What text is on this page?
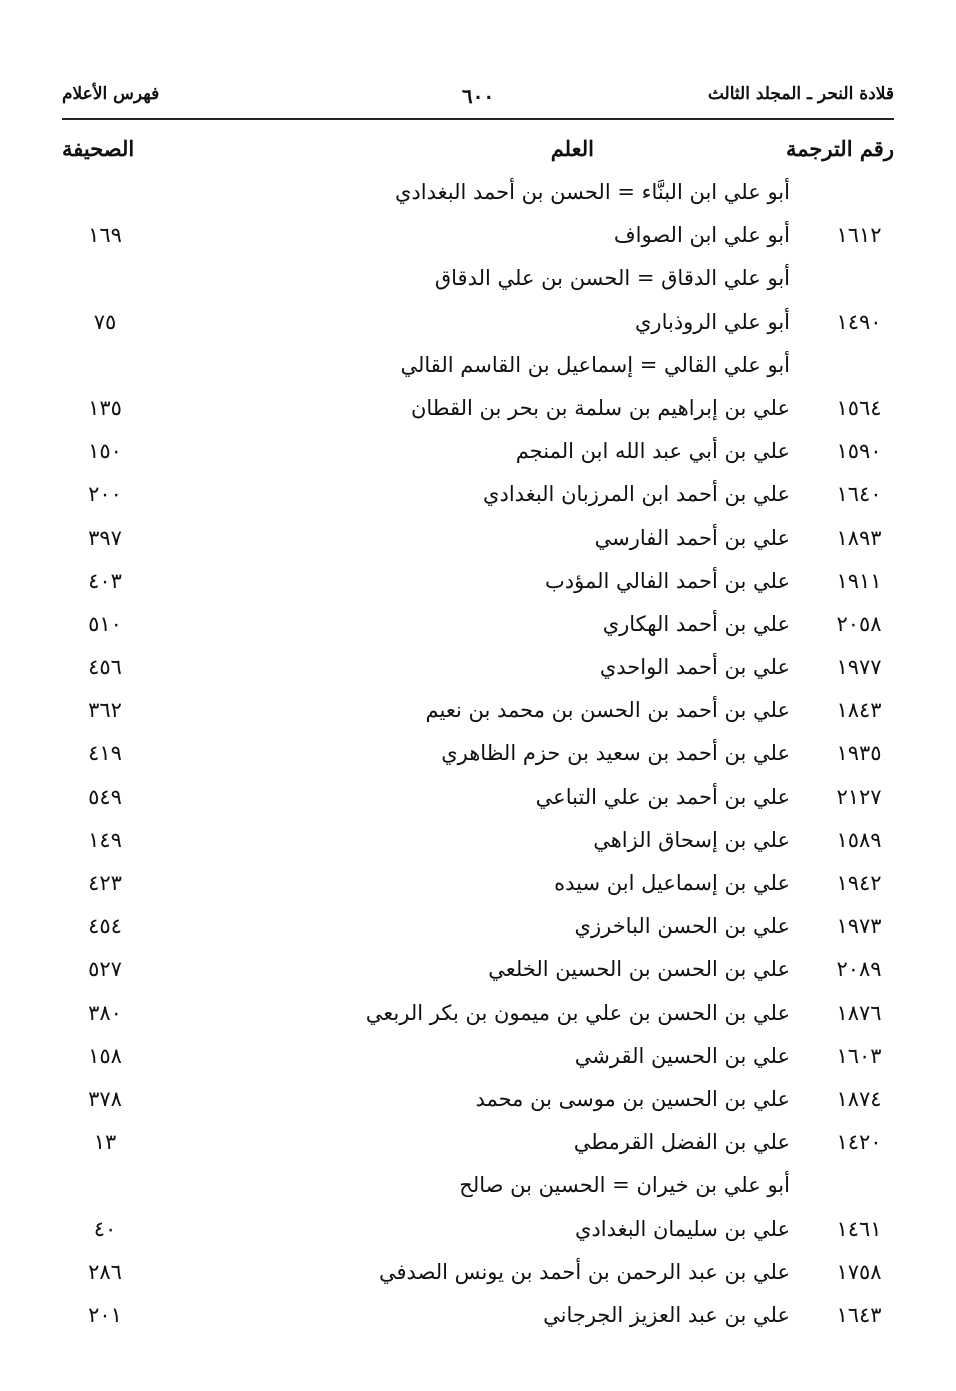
قلادة النحر ـ المجلد الثالث
٦٠٠
فهرس الأعلام
رقم الترجمة
العلم
الصحيفة
أبو علي ابن البنَّاء = الحسن بن أحمد البغدادي
١٦١٢
أبو علي ابن الصواف
١٦٩
أبو علي الدقاق = الحسن بن علي الدقاق
١٤٩٠
أبو علي الروذباري
٧٥
أبو علي القالي = إسماعيل بن القاسم القالي
١٥٦٤
علي بن إبراهيم بن سلمة بن بحر بن القطان
١٣٥
١٥٩٠
علي بن أبي عبد الله ابن المنجم
١٥٠
١٦٤٠
علي بن أحمد ابن المرزبان البغدادي
٢٠٠
١٨٩٣
علي بن أحمد الفارسي
٣٩٧
١٩١١
علي بن أحمد الفالي المؤدب
٤٠٣
٢٠٥٨
علي بن أحمد الهكاري
٥١٠
١٩٧٧
علي بن أحمد الواحدي
٤٥٦
١٨٤٣
علي بن أحمد بن الحسن بن محمد بن نعيم
٣٦٢
١٩٣٥
علي بن أحمد بن سعيد بن حزم الظاهري
٤١٩
٢١٢٧
علي بن أحمد بن علي التباعي
٥٤٩
١٥٨٩
علي بن إسحاق الزاهي
١٤٩
١٩٤٢
علي بن إسماعيل ابن سيده
٤٢٣
١٩٧٣
علي بن الحسن الباخرزي
٤٥٤
٢٠٨٩
علي بن الحسن بن الحسين الخلعي
٥٢٧
١٨٧٦
علي بن الحسن بن علي بن ميمون بن بكر الربعي
٣٨٠
١٦٠٣
علي بن الحسين القرشي
١٥٨
١٨٧٤
علي بن الحسين بن موسى بن محمد
٣٧٨
١٤٢٠
علي بن الفضل القرمطي
١٣
أبو علي بن خيران = الحسين بن صالح
١٤٦١
علي بن سليمان البغدادي
٤٠
١٧٥٨
علي بن عبد الرحمن بن أحمد بن يونس الصدفي
٢٨٦
١٦٤٣
علي بن عبد العزيز الجرجاني
٢٠١
